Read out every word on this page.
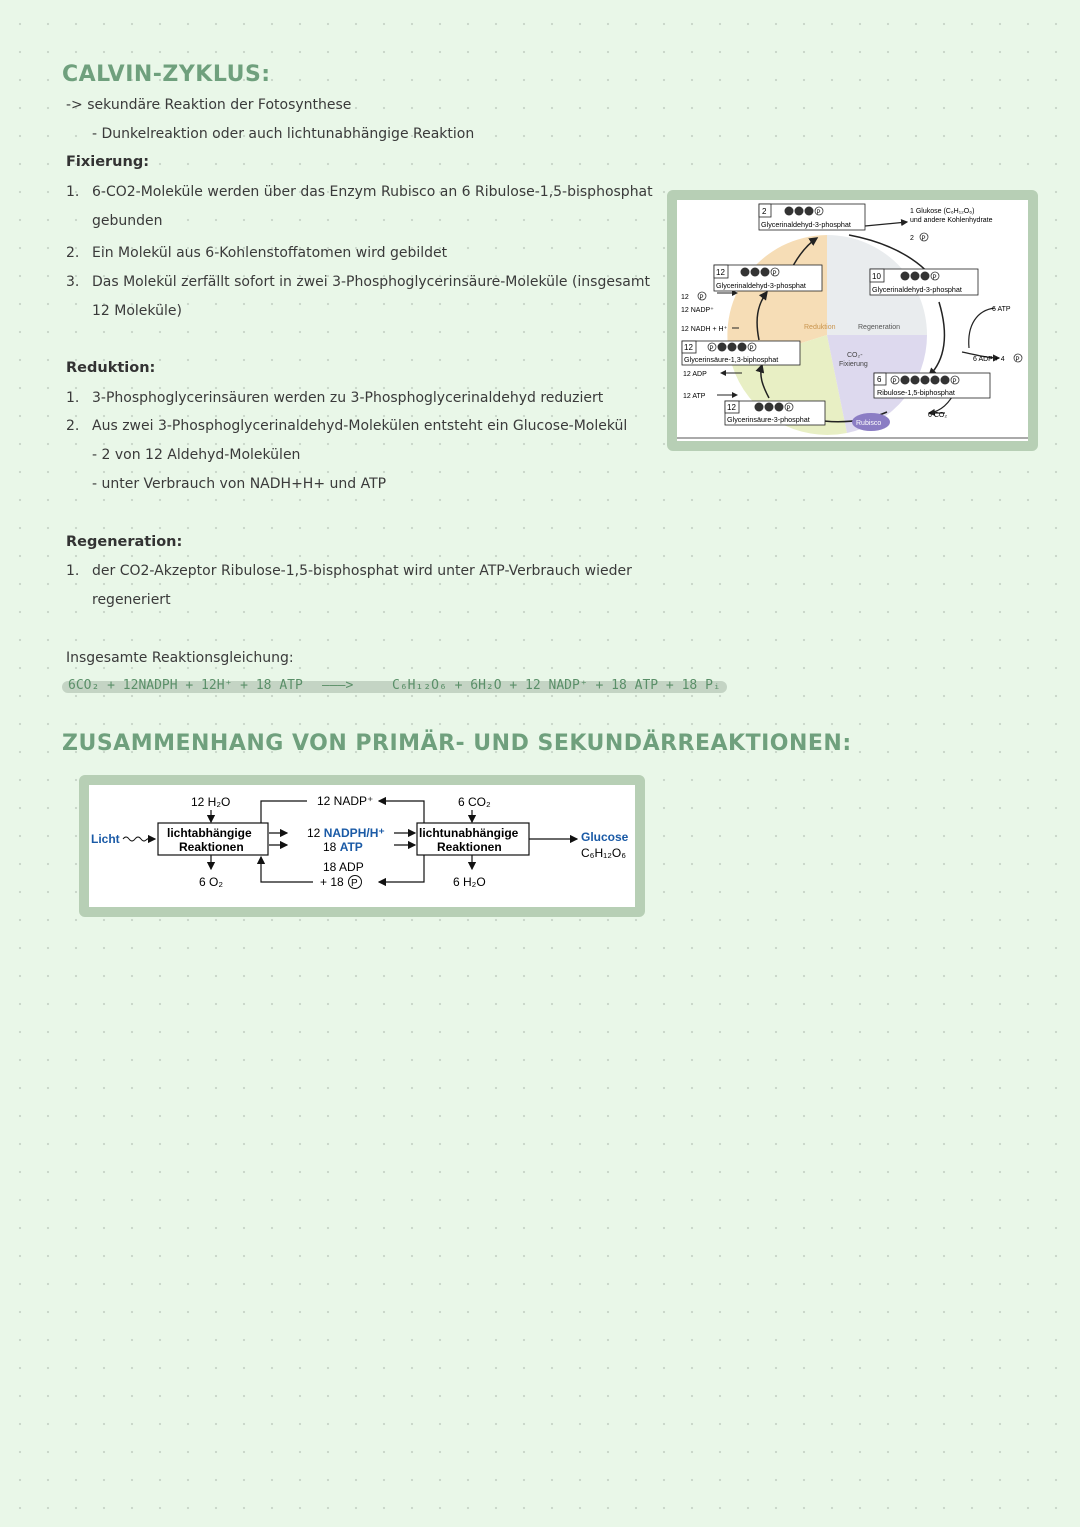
CALVIN-ZYKLUS:
-> sekundäre Reaktion der Fotosynthese
- Dunkelreaktion oder auch lichtunabhängige Reaktion
Fixierung:
1. 6-CO2-Moleküle werden über das Enzym Rubisco an 6 Ribulose-1,5-bisphosphat
gebunden
2. Ein Molekül aus 6-Kohlenstoffatomen wird gebildet
3. Das Molekül zerfällt sofort in zwei 3-Phosphoglycerinsäure-Moleküle (insgesamt
12 Moleküle)
Reduktion:
1. 3-Phosphoglycerinsäuren werden zu 3-Phosphoglycerinaldehyd reduziert
2. Aus zwei 3-Phosphoglycerinaldehyd-Molekülen entsteht ein Glucose-Molekül
- 2 von 12 Aldehyd-Molekülen
- unter Verbrauch von NADH+H+ und ATP
Regeneration:
1. der CO2-Akzeptor Ribulose-1,5-bisphosphat wird unter ATP-Verbrauch wieder
regeneriert
Insgesamte Reaktionsgleichung:
6CO₂ + 12NADPH + 12H⁺ + 18 ATP ———>	C₆H₁₂O₆ + 6H₂O + 12 NADP⁺ + 18 ATP + 18 Pᵢ
2	P
Glycerinaldehyd-3-phosphat
1 Glukose (C₆H₁₂O₆)
und andere Kohlenhydrate
2 P
12	P
Glycerinaldehyd-3-phosphat
10	P
Glycerinaldehyd-3-phosphat
12 P
12 NADP⁺
12 NADH + H⁺
12	P	P
Glycerinsäure-1,3-biphosphat
12 ADP
12 ATP
12	P
Glycerinsäure-3-phosphat	Rubisco
Reduktion	Regeneration
CO₂-
Fixierung
6 P	P
Ribulose-1,5-biphosphat
6 ATP
6 ADP + 4 P
6 CO₂
ZUSAMMENHANG VON PRIMÄR- UND SEKUNDÄRREAKTIONEN:
12 H₂O
Licht	lichtabhängige
Reaktionen
6 O₂
12 NADP⁺
12 NADPH/H⁺
18 ATP
lichtunabhängige
Reaktionen
6 CO₂
6 H₂O
18 ADP
+ 18 P
Glucose
C₆H₁₂O₆
